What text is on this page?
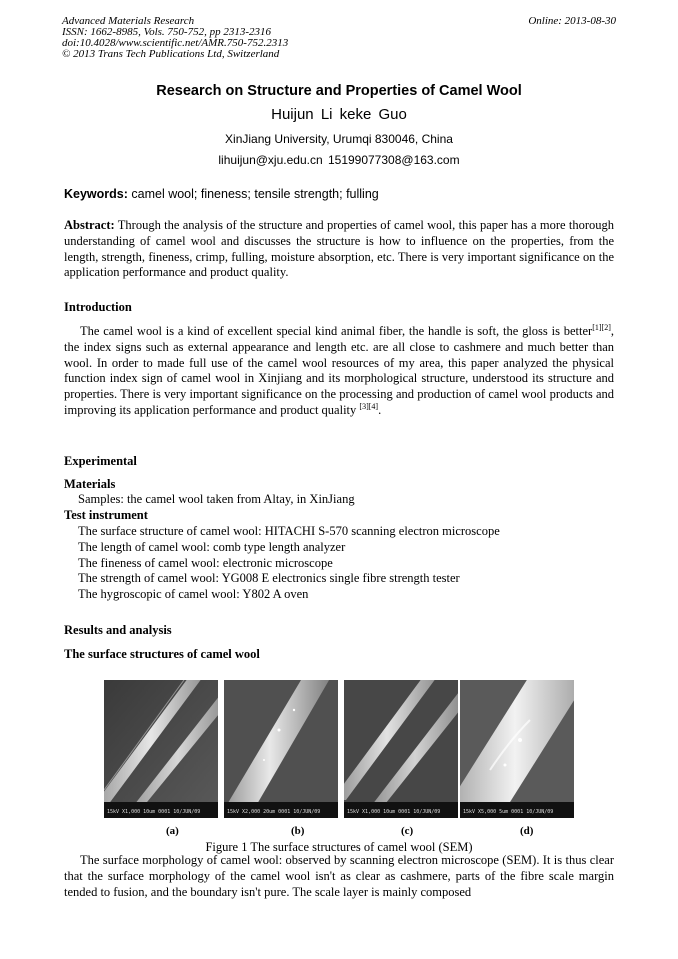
Advanced Materials Research
ISSN: 1662-8985, Vols. 750-752, pp 2313-2316
doi:10.4028/www.scientific.net/AMR.750-752.2313
© 2013 Trans Tech Publications Ltd, Switzerland
Online: 2013-08-30
Research on Structure and Properties of Camel Wool
Huijun Li keke Guo
XinJiang University, Urumqi 830046, China
lihuijun@xju.edu.cn 15199077308@163.com
Keywords: camel wool; fineness; tensile strength; fulling
Abstract: Through the analysis of the structure and properties of camel wool, this paper has a more thorough understanding of camel wool and discusses the structure is how to influence on the properties, from the length, strength, fineness, crimp, fulling, moisture absorption, etc. There is very important significance on the application performance and product quality.
Introduction
The camel wool is a kind of excellent special kind animal fiber, the handle is soft, the gloss is better[1][2], the index signs such as external appearance and length etc. are all close to cashmere and much better than wool. In order to made full use of the camel wool resources of my area, this paper analyzed the physical function index sign of camel wool in Xinjiang and its morphological structure, understood its structure and properties. There is very important significance on the processing and production of camel wool products and improving its application performance and product quality [3][4].
Experimental
Materials
Samples: the camel wool taken from Altay, in XinJiang
Test instrument
The surface structure of camel wool: HITACHI S-570 scanning electron microscope
The length of camel wool: comb type length analyzer
The fineness of camel wool: electronic microscope
The strength of camel wool: YG008 E electronics single fibre strength tester
The hygroscopic of camel wool: Y802 A oven
Results and analysis
The surface structures of camel wool
15kV X1,000 10um 0001 10/JUN/09	15kV X2,000 20um 0001 10/JUN/09	15kV X1,000 10um 0001 10/JUN/09	15kV X5,000 5um 0001 10/JUN/09
(a)	(b)	(c)	(d)
Figure 1 The surface structures of camel wool (SEM)
The surface morphology of camel wool: observed by scanning electron microscope (SEM). It is thus clear that the surface morphology of the camel wool isn't as clear as cashmere, parts of the fibre scale margin tended to fusion, and the boundary isn't pure. The scale layer is mainly composed
